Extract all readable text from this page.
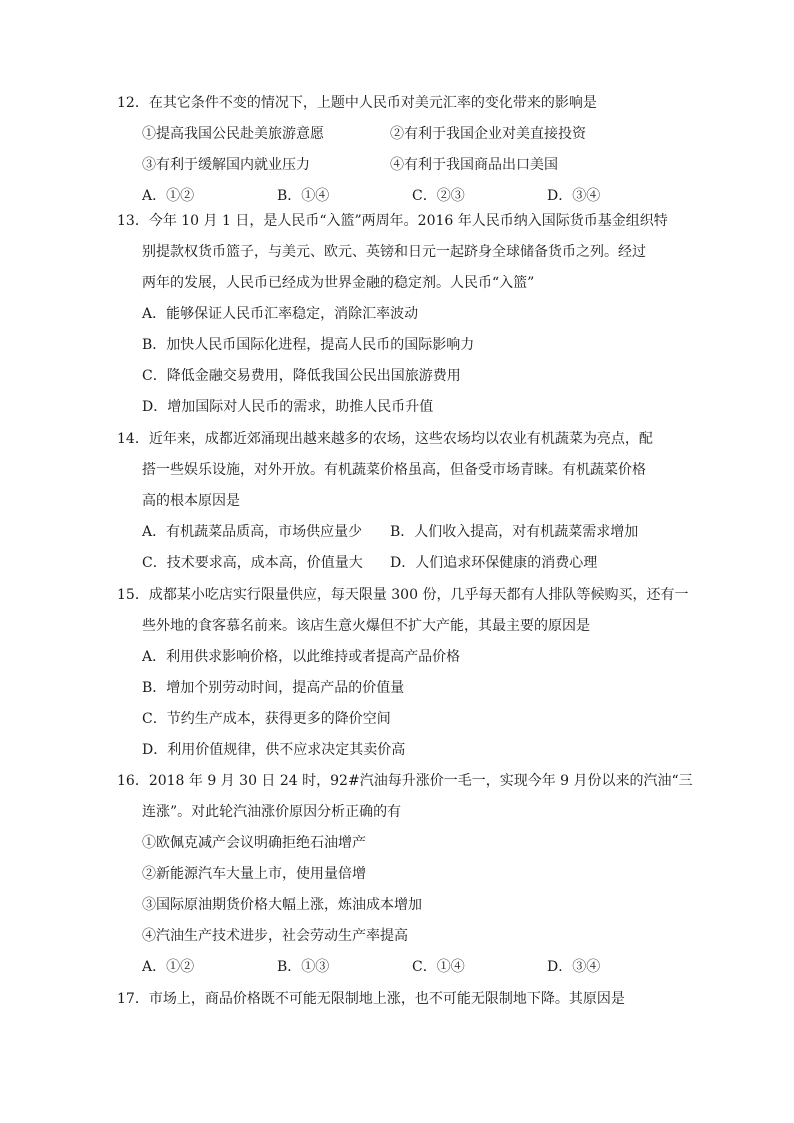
12．在其它条件不变的情况下，上题中人民币对美元汇率的变化带来的影响是
①提高我国公民赴美旅游意愿	②有利于我国企业对美直接投资
③有利于缓解国内就业压力	④有利于我国商品出口美国
A．①②	B．①④	C．②③	D．③④
13．今年 10 月 1 日，是人民币“入篮”两周年。2016 年人民币纳入国际货币基金组织特
别提款权货币篮子，与美元、欧元、英镑和日元一起跻身全球储备货币之列。经过
两年的发展，人民币已经成为世界金融的稳定剂。人民币“入篮”
A．能够保证人民币汇率稳定，消除汇率波动
B．加快人民币国际化进程，提高人民币的国际影响力
C．降低金融交易费用，降低我国公民出国旅游费用
D．增加国际对人民币的需求，助推人民币升值
14．近年来，成都近郊涌现出越来越多的农场，这些农场均以农业有机蔬菜为亮点，配
搭一些娱乐设施，对外开放。有机蔬菜价格虽高，但备受市场青睐。有机蔬菜价格
高的根本原因是
A．有机蔬菜品质高，市场供应量少	B．人们收入提高，对有机蔬菜需求增加
C．技术要求高，成本高，价值量大	D．人们追求环保健康的消费心理
15．成都某小吃店实行限量供应，每天限量 300 份，几乎每天都有人排队等候购买，还有一
些外地的食客慕名前来。该店生意火爆但不扩大产能，其最主要的原因是
A．利用供求影响价格，以此维持或者提高产品价格
B．增加个别劳动时间，提高产品的价值量
C．节约生产成本，获得更多的降价空间
D．利用价值规律，供不应求决定其卖价高
16．2018 年 9 月 30 日 24 时，92#汽油每升涨价一毛一，实现今年 9 月份以来的汽油“三
连涨”。对此轮汽油涨价原因分析正确的有
①欧佩克减产会议明确拒绝石油增产
②新能源汽车大量上市，使用量倍增
③国际原油期货价格大幅上涨，炼油成本增加
④汽油生产技术进步，社会劳动生产率提高
A．①②	B．①③	C．①④	D．③④
17．市场上，商品价格既不可能无限制地上涨，也不可能无限制地下降。其原因是
